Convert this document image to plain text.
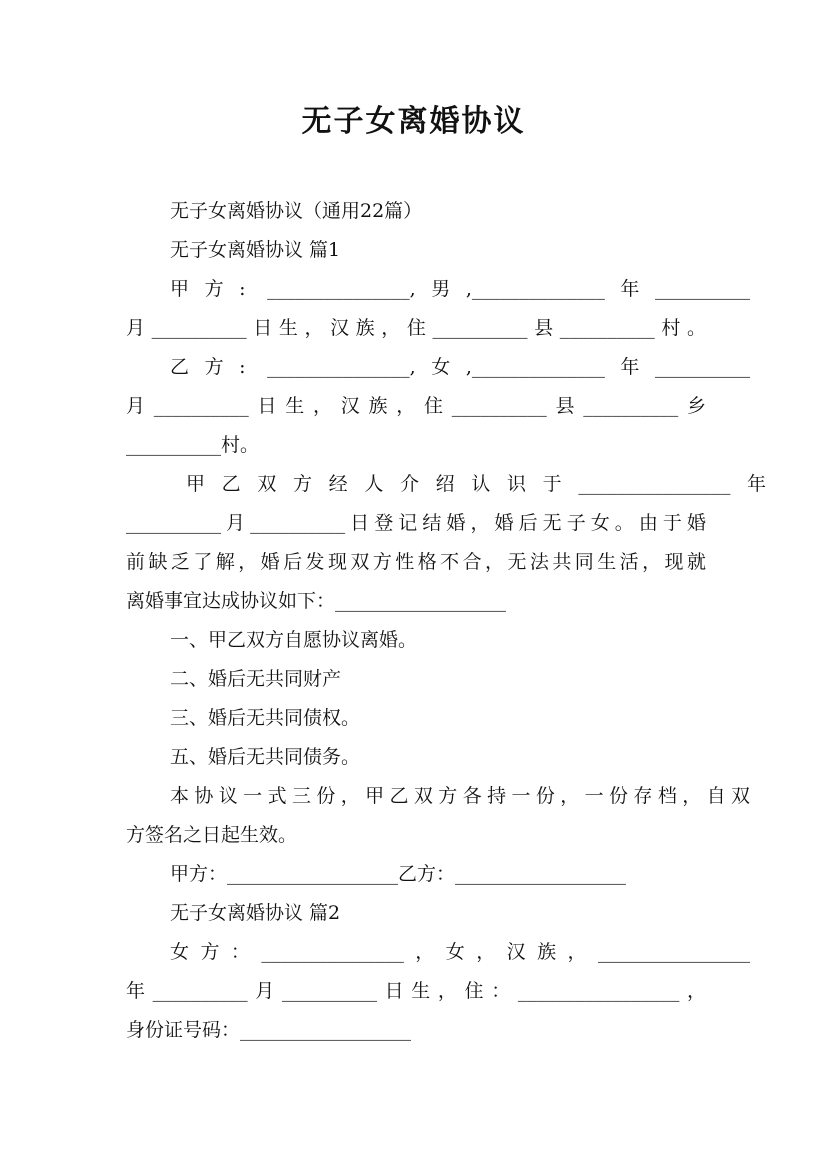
无子女离婚协议
无子女离婚协议（通用22篇）
无子女离婚协议 篇1
甲方: _______________,男,______________年__________
月__________日生，汉族，住__________县__________村。
乙方: _______________,女,______________年__________
月__________日生，汉族，住__________县__________乡
__________村。
甲乙双方经人介绍认识于________________年
__________月__________日登记结婚，婚后无子女。由于婚
前缺乏了解，婚后发现双方性格不合，无法共同生活，现就
离婚事宜达成协议如下：__________________
一、甲乙双方自愿协议离婚。
二、婚后无共同财产
三、婚后无共同债权。
五、婚后无共同债务。
本协议一式三份，甲乙双方各持一份，一份存档，自双
方签名之日起生效。
甲方：__________________乙方：__________________
无子女离婚协议 篇2
女方：_______________，女，汉族，________________
年__________月__________日生，住：_________________，
身份证号码：__________________
